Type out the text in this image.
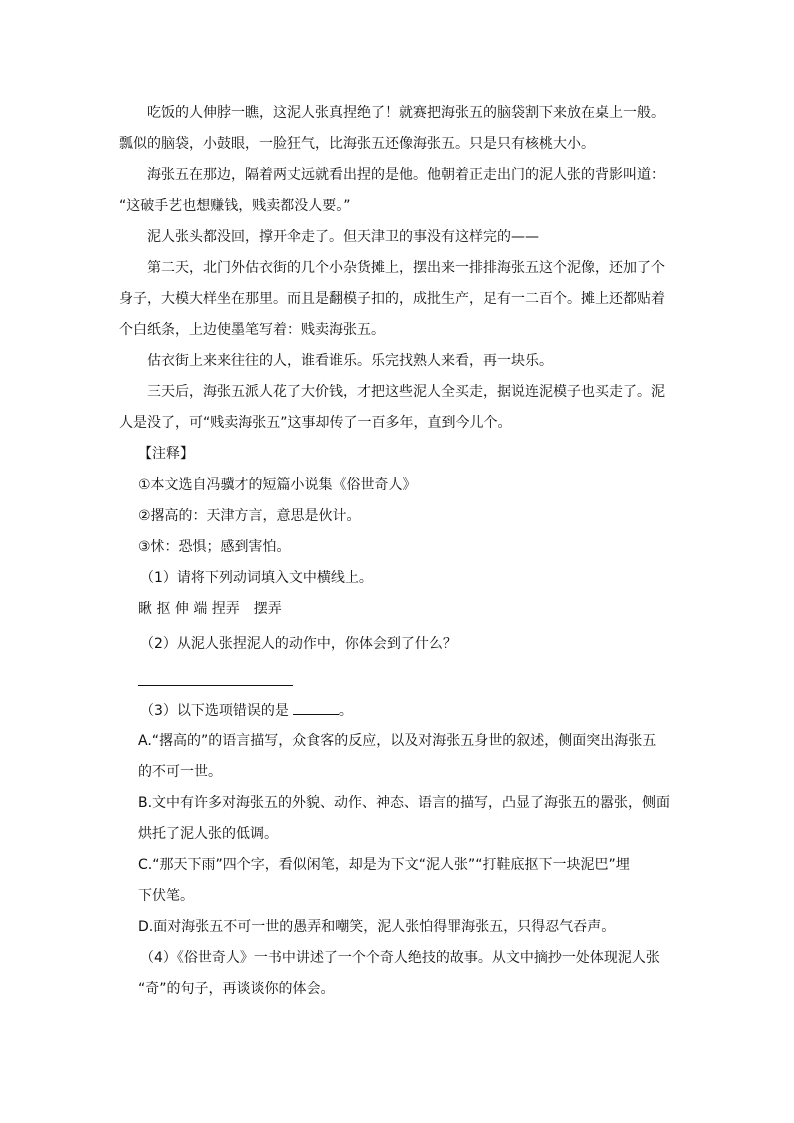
吃饭的人伸脖一瞧，这泥人张真捏绝了！就赛把海张五的脑袋割下来放在桌上一般。
瓢似的脑袋，小鼓眼，一脸狂气，比海张五还像海张五。只是只有核桃大小。
海张五在那边，隔着两丈远就看出捏的是他。他朝着正走出门的泥人张的背影叫道：
“这破手艺也想赚钱，贱卖都没人要。”
泥人张头都没回，撑开伞走了。但天津卫的事没有这样完的——
第二天，北门外估衣街的几个小杂货摊上，摆出来一排排海张五这个泥像，还加了个
身子，大模大样坐在那里。而且是翻模子扣的，成批生产，足有一二百个。摊上还都贴着
个白纸条，上边使墨笔写着：贱卖海张五。
估衣街上来来往往的人，谁看谁乐。乐完找熟人来看，再一块乐。
三天后，海张五派人花了大价钱，才把这些泥人全买走，据说连泥模子也买走了。泥
人是没了，可“贱卖海张五”这事却传了一百多年，直到今儿个。
【注释】
①本文选自冯骥才的短篇小说集《俗世奇人》
②撂高的：天津方言，意思是伙计。
③怵：恐惧；感到害怕。
（1）请将下列动词填入文中横线上。
瞅 抠 伸 端 捏弄　摆弄
（2）从泥人张捏泥人的动作中，你体会到了什么？
（3）以下选项错误的是	。
A.“撂高的”的语言描写，众食客的反应，以及对海张五身世的叙述，侧面突出海张五
的不可一世。
B.文中有许多对海张五的外貌、动作、神态、语言的描写，凸显了海张五的嚣张，侧面
烘托了泥人张的低调。
C.“那天下雨”四个字，看似闲笔，却是为下文“泥人张”“打鞋底抠下一块泥巴”埋
下伏笔。
D.面对海张五不可一世的愚弄和嘲笑，泥人张怕得罪海张五，只得忍气吞声。
（4）《俗世奇人》一书中讲述了一个个奇人绝技的故事。从文中摘抄一处体现泥人张
“奇”的句子，再谈谈你的体会。
